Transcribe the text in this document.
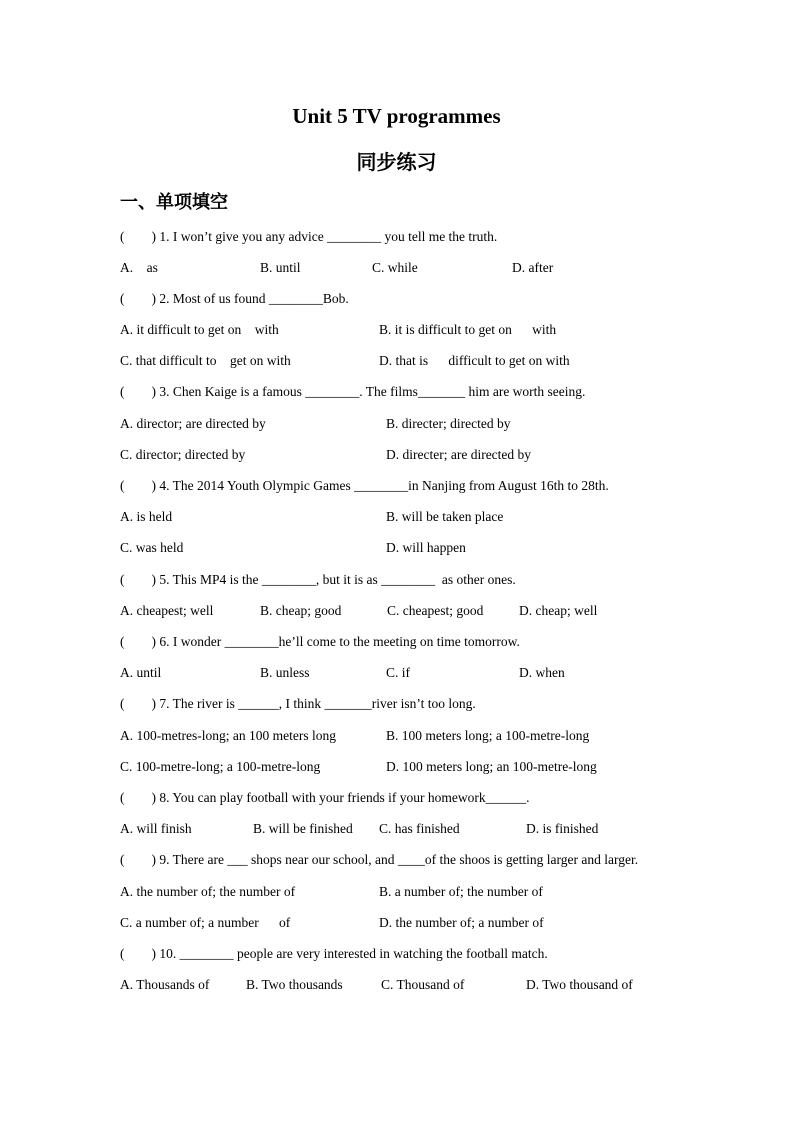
Unit 5 TV programmes
同步练习
一、单项填空
(        ) 1. I won’t give you any advice ________ you tell me the truth.

A.    as

	B. until

	C. while

	D. after

(        ) 2. Most of us found ________Bob.

A. it difficult to get on    with

	B. it is difficult to get on      with

C. that difficult to    get on with

	D. that is      difficult to get on with

(        ) 3. Chen Kaige is a famous ________. The films_______ him are worth seeing.

A. director; are directed by

	B. directer; directed by

C. director; directed by

	D. directer; are directed by

(        ) 4. The 2014 Youth Olympic Games ________in Nanjing from August 16th to 28th.

A. is held

	B. will be taken place

C. was held

	D. will happen

(        ) 5. This MP4 is the ________, but it is as ________  as other ones.

A. cheapest; well

	B. cheap; good

	C. cheapest; good

	D. cheap; well

(        ) 6. I wonder ________he’ll come to the meeting on time tomorrow.

A. until

	B. unless

	C. if

	D. when

(        ) 7. The river is ______, I think _______river isn’t too long.

A. 100-metres-long; an 100 meters long

	B. 100 meters long; a 100-metre-long

C. 100-metre-long; a 100-metre-long

	D. 100 meters long; an 100-metre-long

(        ) 8. You can play football with your friends if your homework______.

A. will finish

	B. will be finished

C. has finished

	D. is finished

(        ) 9. There are ___ shops near our school, and ____of the shoos is getting larger and larger.

A. the number of; the number of

	B. a number of; the number of

C. a number of; a number      of

	D. the number of; a number of

(        ) 10. ________ people are very interested in watching the football match.

A. Thousands of

	B. Two thousands

	C. Thousand of

	D. Two thousand of
